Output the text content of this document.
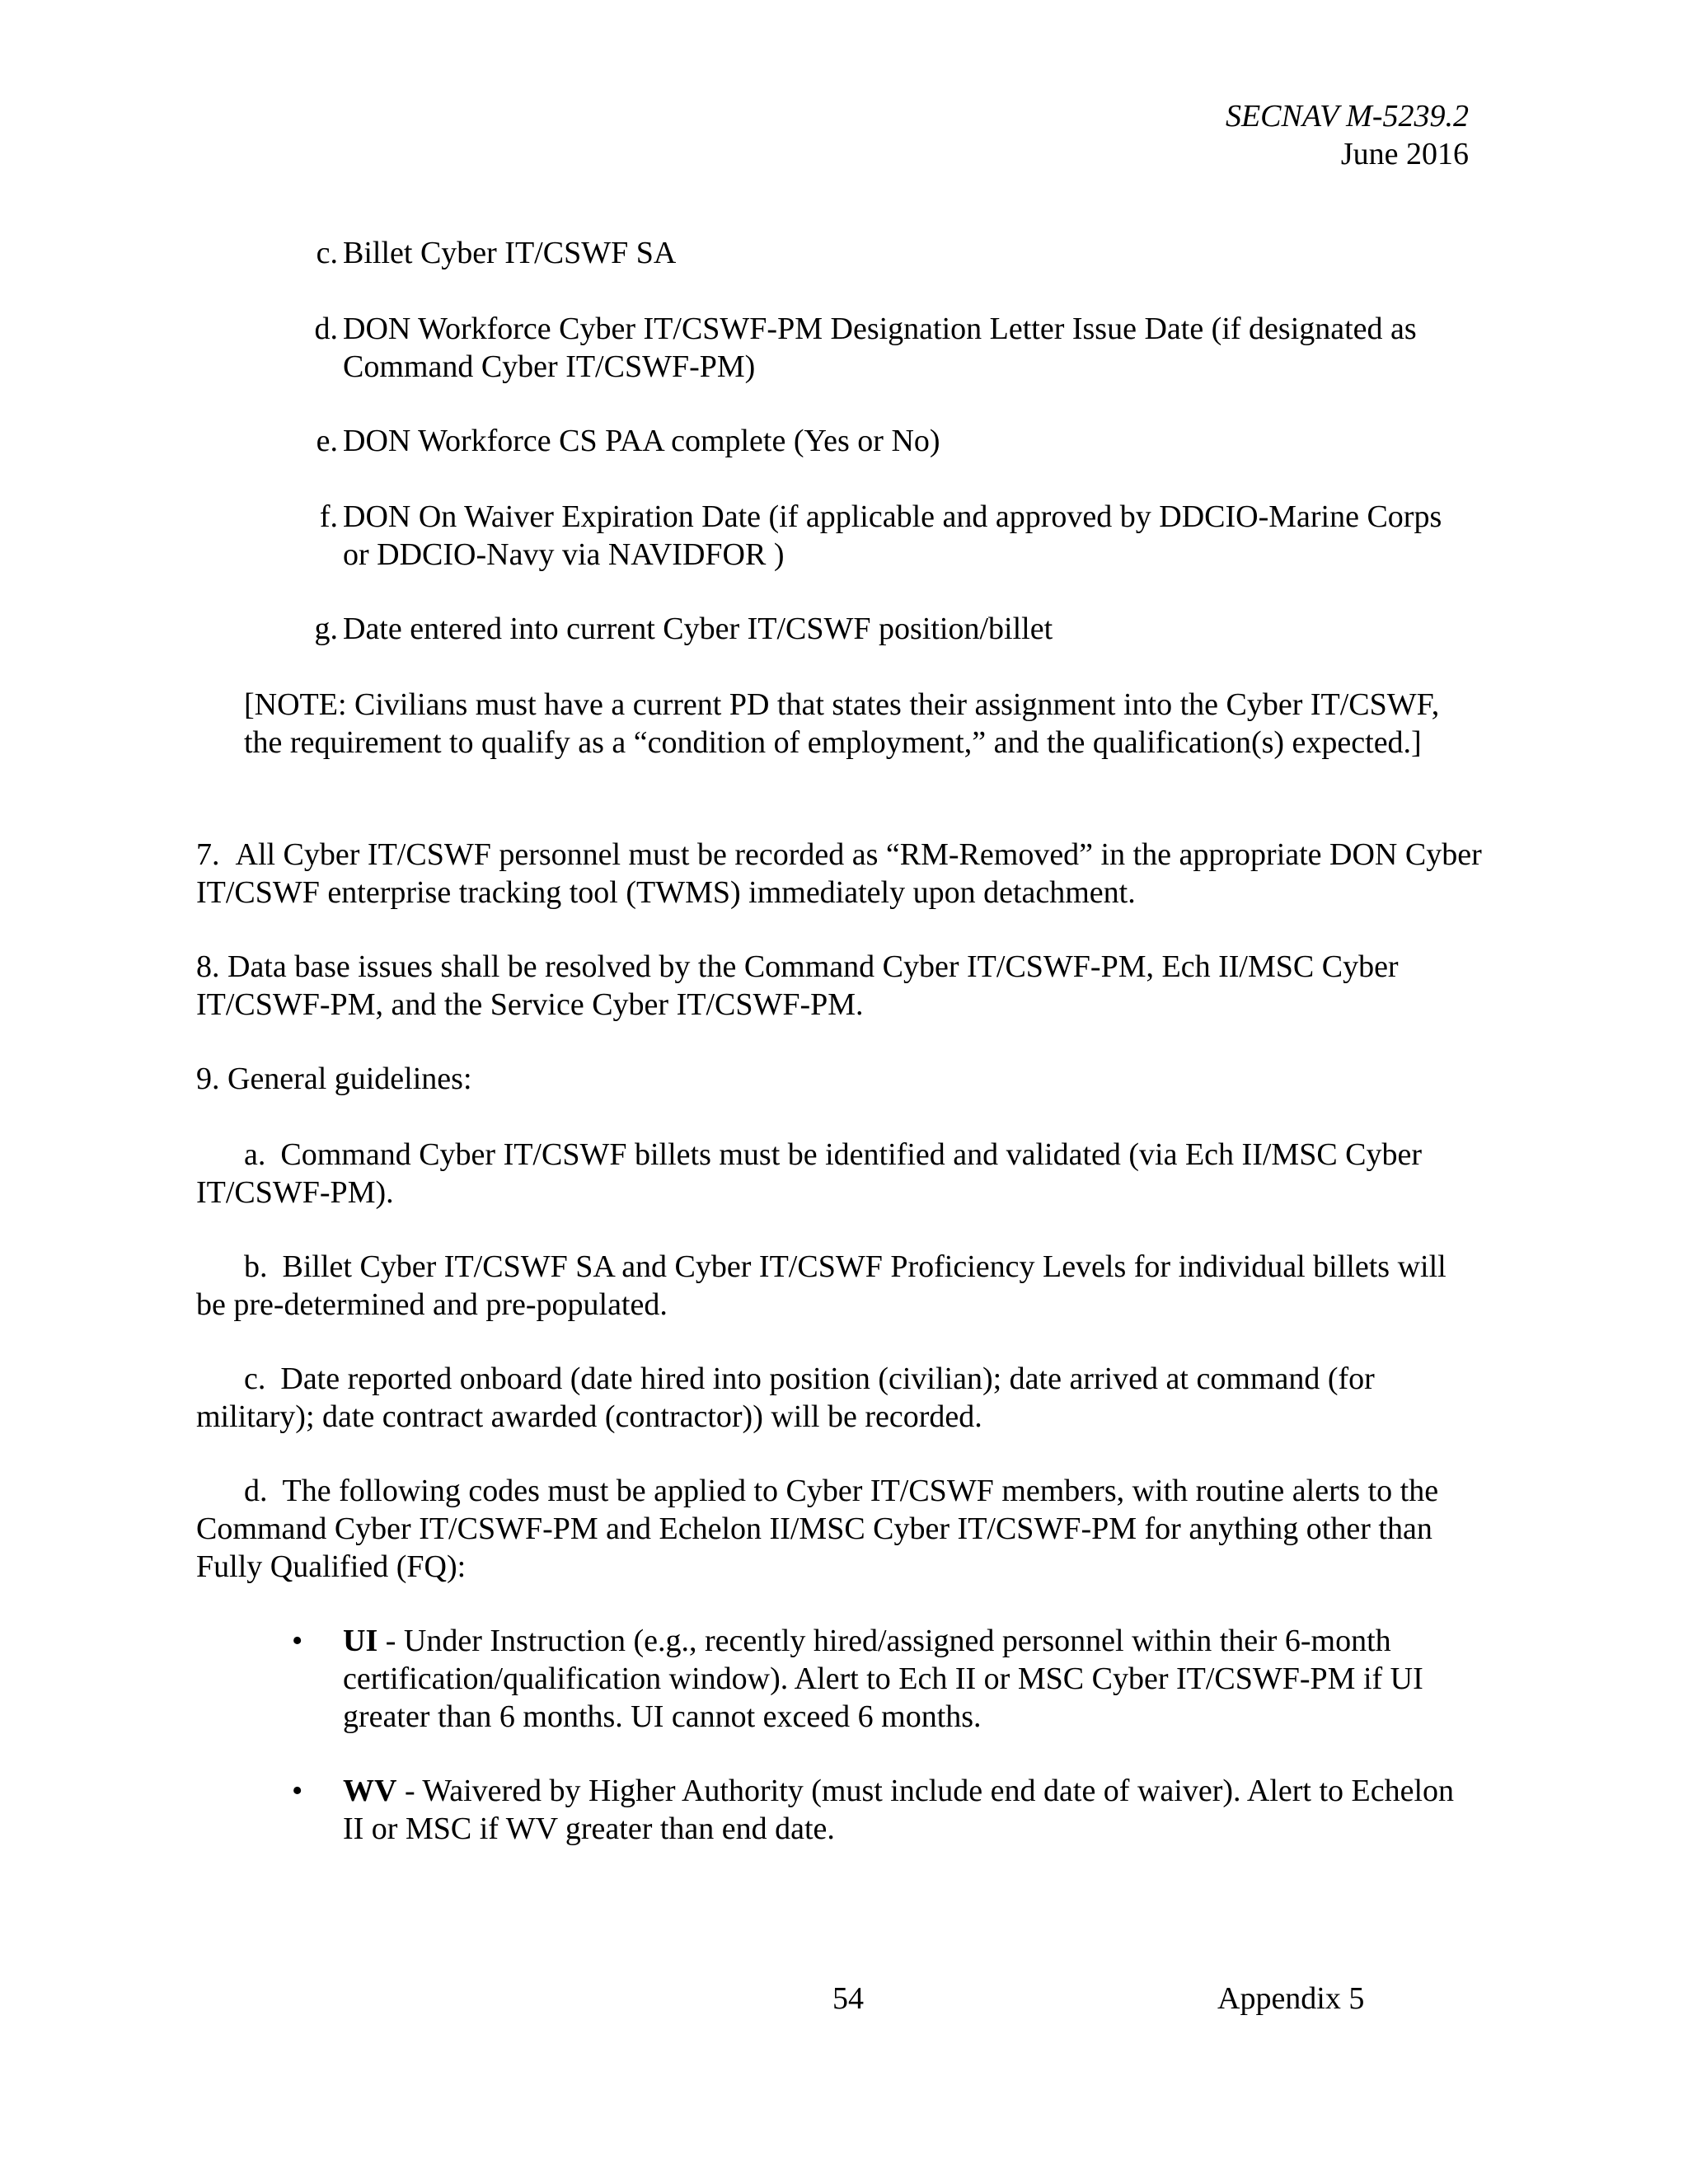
SECNAV M-5239.2
June 2016
c. Billet Cyber IT/CSWF SA
d. DON Workforce Cyber IT/CSWF-PM Designation Letter Issue Date (if designated as Command Cyber IT/CSWF-PM)
e. DON Workforce CS PAA complete (Yes or No)
f. DON On Waiver Expiration Date (if applicable and approved by DDCIO-Marine Corps or DDCIO-Navy via NAVIDFOR )
g. Date entered into current Cyber IT/CSWF position/billet
[NOTE: Civilians must have a current PD that states their assignment into the Cyber IT/CSWF, the requirement to qualify as a “condition of employment,” and the qualification(s) expected.]
7. All Cyber IT/CSWF personnel must be recorded as “RM-Removed” in the appropriate DON Cyber IT/CSWF enterprise tracking tool (TWMS) immediately upon detachment.
8. Data base issues shall be resolved by the Command Cyber IT/CSWF-PM, Ech II/MSC Cyber IT/CSWF-PM, and the Service Cyber IT/CSWF-PM.
9. General guidelines:
a. Command Cyber IT/CSWF billets must be identified and validated (via Ech II/MSC Cyber IT/CSWF-PM).
b. Billet Cyber IT/CSWF SA and Cyber IT/CSWF Proficiency Levels for individual billets will be pre-determined and pre-populated.
c. Date reported onboard (date hired into position (civilian); date arrived at command (for military); date contract awarded (contractor)) will be recorded.
d. The following codes must be applied to Cyber IT/CSWF members, with routine alerts to the Command Cyber IT/CSWF-PM and Echelon II/MSC Cyber IT/CSWF-PM for anything other than Fully Qualified (FQ):
•	UI - Under Instruction (e.g., recently hired/assigned personnel within their 6-month certification/qualification window). Alert to Ech II or MSC Cyber IT/CSWF-PM if UI greater than 6 months. UI cannot exceed 6 months.
•	WV - Waivered by Higher Authority (must include end date of waiver). Alert to Echelon II or MSC if WV greater than end date.
54	Appendix 5
